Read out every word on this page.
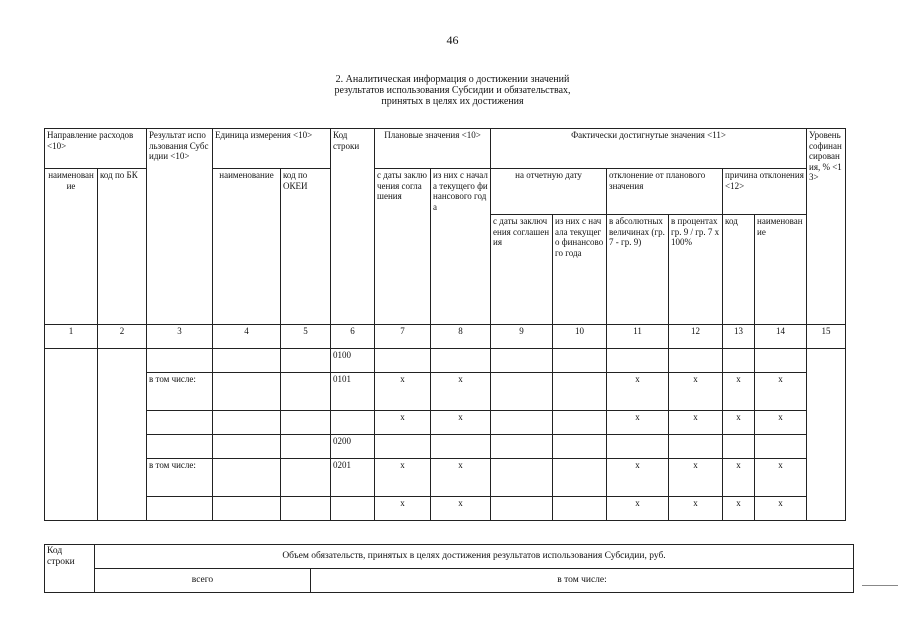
46
2. Аналитическая информация о достижении значений
результатов использования Субсидии и обязательствах,
принятых в целях их достижения
Направление расходов <10>		Результат использования Субсидии <10>	Единица измерения <10>		Код строки	Плановые значения <10>		Фактически достигнутые значения <11>						Уровень софинансирования, % <13>
наименование	код по БК		наименование	код по ОКЕИ		с даты заключения соглашения	из них с начала текущего финансового года	на отчетную дату		отклонение от планового значения		причина отклонения <12>		
								с даты заключения соглашения	из них с начала текущего финансового года	в абсолютных величинах (гр. 7 - гр. 9)	в процентах гр. 9 / гр. 7 x 100%	код	наименование	
1	2	3	4	5	6	7	8	9	10	11	12	13	14	15
					0100									
		в том числе:			0101	x	x			x	x	x	x	
						x	x			x	x	x	x	
					0200									
		в том числе:			0201	x	x			x	x	x	x	
						x	x			x	x	x	x	
Код строки	Объем обязательств, принятых в целях достижения результатов использования Субсидии, руб.	
	всего	в том числе:
